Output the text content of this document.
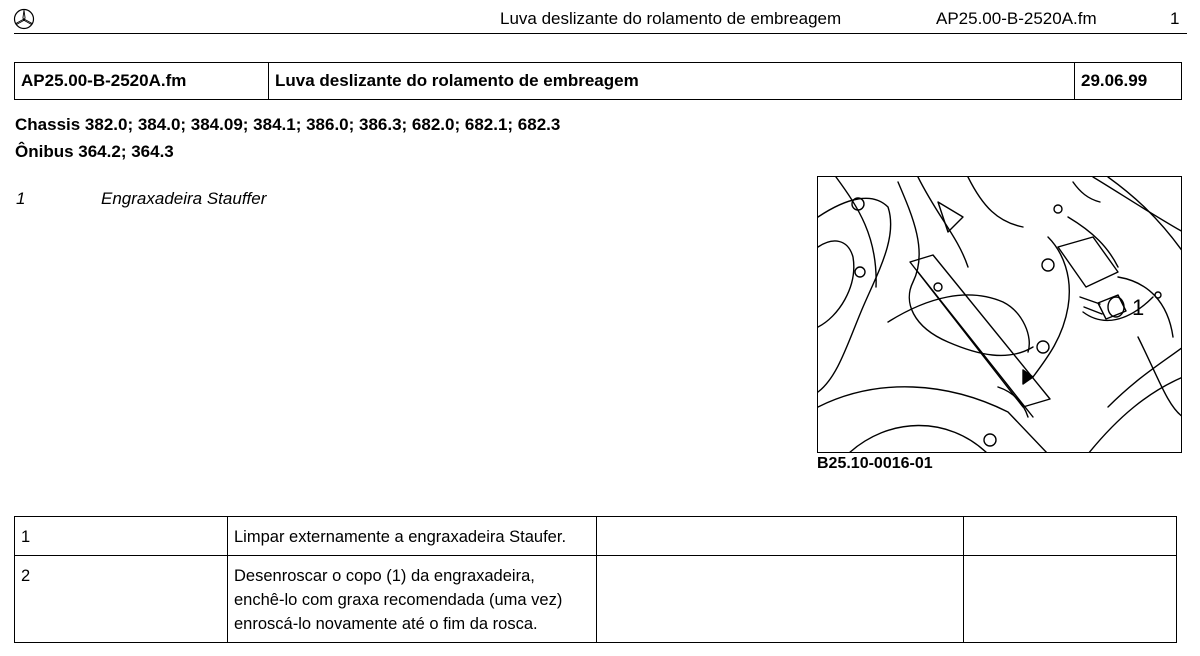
Luva deslizante do rolamento de embreagem	AP25.00-B-2520A.fm	1
AP25.00-B-2520A.fm	Luva deslizante do rolamento de embreagem	29.06.99
Chassis 382.0; 384.0; 384.09; 384.1; 386.0; 386.3; 682.0; 682.1; 682.3
Ônibus 364.2; 364.3
1	Engraxadeira Stauffer
1
B25.10-0016-01
1	Limpar externamente a engraxadeira Staufer.		

2	Desenroscar o copo (1) da engraxadeira,
enchê-lo com graxa recomendada (uma vez)
enroscá-lo novamente até o fim da rosca.		
